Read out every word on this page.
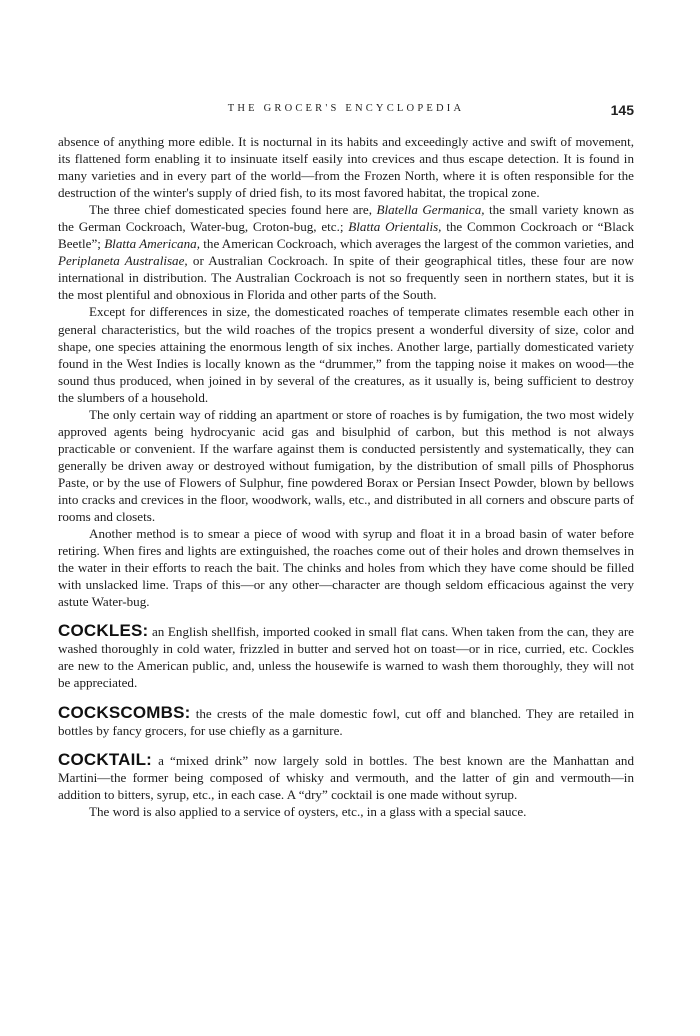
THE GROCER'S ENCYCLOPEDIA	145

absence of anything more edible. It is nocturnal in its habits and exceedingly active and swift of movement, its flattened form enabling it to insinuate itself easily into crevices and thus escape detection. It is found in many varieties and in every part of the world—from the Frozen North, where it is often responsible for the destruction of the winter's supply of dried fish, to its most favored habitat, the tropical zone.

The three chief domesticated species found here are, Blatella Germanica, the small variety known as the German Cockroach, Water-bug, Croton-bug, etc.; Blatta Orientalis, the Common Cockroach or “Black Beetle”; Blatta Americana, the American Cockroach, which averages the largest of the common varieties, and Periplaneta Australisae, or Australian Cockroach. In spite of their geographical titles, these four are now international in distribution. The Australian Cockroach is not so frequently seen in northern states, but it is the most plentiful and obnoxious in Florida and other parts of the South.

Except for differences in size, the domesticated roaches of temperate climates resemble each other in general characteristics, but the wild roaches of the tropics present a wonderful diversity of size, color and shape, one species attaining the enormous length of six inches. Another large, partially domesticated variety found in the West Indies is locally known as the “drummer,” from the tapping noise it makes on wood—the sound thus produced, when joined in by several of the creatures, as it usually is, being sufficient to destroy the slumbers of a household.

The only certain way of ridding an apartment or store of roaches is by fumigation, the two most widely approved agents being hydrocyanic acid gas and bisulphid of carbon, but this method is not always practicable or convenient. If the warfare against them is conducted persistently and systematically, they can generally be driven away or destroyed without fumigation, by the distribution of small pills of Phosphorus Paste, or by the use of Flowers of Sulphur, fine powdered Borax or Persian Insect Powder, blown by bellows into cracks and crevices in the floor, woodwork, walls, etc., and distributed in all corners and obscure parts of rooms and closets.

Another method is to smear a piece of wood with syrup and float it in a broad basin of water before retiring. When fires and lights are extinguished, the roaches come out of their holes and drown themselves in the water in their efforts to reach the bait. The chinks and holes from which they have come should be filled with unslacked lime. Traps of this—or any other—character are though seldom efficacious against the very astute Water-bug.

COCKLES: an English shellfish, imported cooked in small flat cans. When taken from the can, they are washed thoroughly in cold water, frizzled in butter and served hot on toast—or in rice, curried, etc. Cockles are new to the American public, and, unless the housewife is warned to wash them thoroughly, they will not be appreciated.

COCKSCOMBS: the crests of the male domestic fowl, cut off and blanched. They are retailed in bottles by fancy grocers, for use chiefly as a garniture.

COCKTAIL: a “mixed drink” now largely sold in bottles. The best known are the Manhattan and Martini—the former being composed of whisky and vermouth, and the latter of gin and vermouth—in addition to bitters, syrup, etc., in each case. A “dry” cocktail is one made without syrup.

The word is also applied to a service of oysters, etc., in a glass with a special sauce.
